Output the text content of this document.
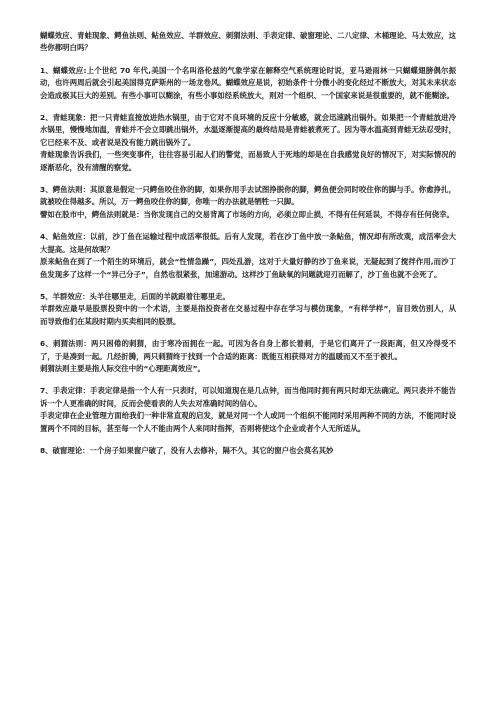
蝴蝶效应、青蛙现象、鳄鱼法则、鲇鱼效应、羊群效应、刺猬法则、手表定律、破窗理论、二八定律、木桶理论、马太效应，这些你都明白吗？

1、蝴蝶效应:上个世纪 70 年代,美国一个名叫洛伦兹的气象学家在解释空气系统理论时说，亚马逊雨林一只蝴蝶翅膀偶尔振动，也许两周后就会引起美国得克萨斯州的一场龙卷风。蝴蝶效应是说，初始条件十分微小的变化经过不断放大，对其未来状态会造成极其巨大的差别。有些小事可以糊涂，有些小事如经系统放大，则对一个组织、一个国家来说是很重要的，就不能糊涂。

2、青蛙现象：把一只青蛙直接放进热水锅里，由于它对不良环境的反应十分敏感，就会迅速跳出锅外。如果把一个青蛙放进冷水锅里，慢慢地加温，青蛙并不会立即跳出锅外，水温逐渐提高的最终结局是青蛙被煮死了。因为等水温高到青蛙无法忍受时，它已经来不及、或者说是没有能力跳出锅外了。

青蛙现象告诉我们，一些突变事件，往往容易引起人们的警觉，而易致人于死地的却是在自我感觉良好的情况下，对实际情况的逐渐恶化，没有清醒的察觉。

3、鳄鱼法则：其原意是假定一只鳄鱼咬住你的脚，如果你用手去试图挣脱你的脚，鳄鱼便会同时咬住你的脚与手。你愈挣扎，就被咬住得越多。所以，万一鳄鱼咬住你的脚，你唯一的办法就是牺牲一只脚。

譬如在股市中，鳄鱼法则就是：当你发现自己的交易背离了市场的方向，必须立即止损，不得有任何延误，不得存有任何侥幸。

4、鲇鱼效应：以前，沙丁鱼在运输过程中成活率很低。后有人发现，若在沙丁鱼中放一条鲇鱼，情况却有所改观，成活率会大大提高。这是何故呢？

原来鲇鱼在到了一个陌生的环境后，就会“性情急躁”，四处乱游，这对于大量好静的沙丁鱼来说，无疑起到了搅拌作用,而沙丁鱼发现多了这样一个“异己分子”，自然也很紧张，加速游动。这样沙丁鱼缺氧的问题就迎刃而解了，沙丁鱼也就不会死了。

5、羊群效应：头羊往哪里走，后面的羊就跟着往哪里走。

羊群效应最早是股票投资中的一个术语，主要是指投资者在交易过程中存在学习与模仿现象，“有样学样”，盲目效仿别人，从而导致他们在某段时期内买卖相同的股票。

6、刺猬法则：两只困倦的刺猬，由于寒冷而拥在一起。可因为各自身上都长着刺，于是它们离开了一段距离，但又冷得受不了，于是凑到一起。几经折腾，两只刺猬终于找到一个合适的距离：既能互相获得对方的温暖而又不至于被扎。

刺猬法则主要是指人际交往中的“心理距离效应”。

7、手表定律：手表定律是指一个人有一只表时，可以知道现在是几点钟，而当他同时拥有两只时却无法确定。两只表并不能告诉一个人更准确的时间，反而会使看表的人失去对准确时间的信心。

手表定律在企业管理方面给我们一种非常直观的启发，就是对同一个人或同一个组织不能同时采用两种不同的方法，不能同时设置两个不同的目标，甚至每一个人不能由两个人来同时指挥，否则将使这个企业或者个人无所适从。

8、破窗理论：一个房子如果窗户破了，没有人去修补，隔不久，其它的窗户也会莫名其妙
